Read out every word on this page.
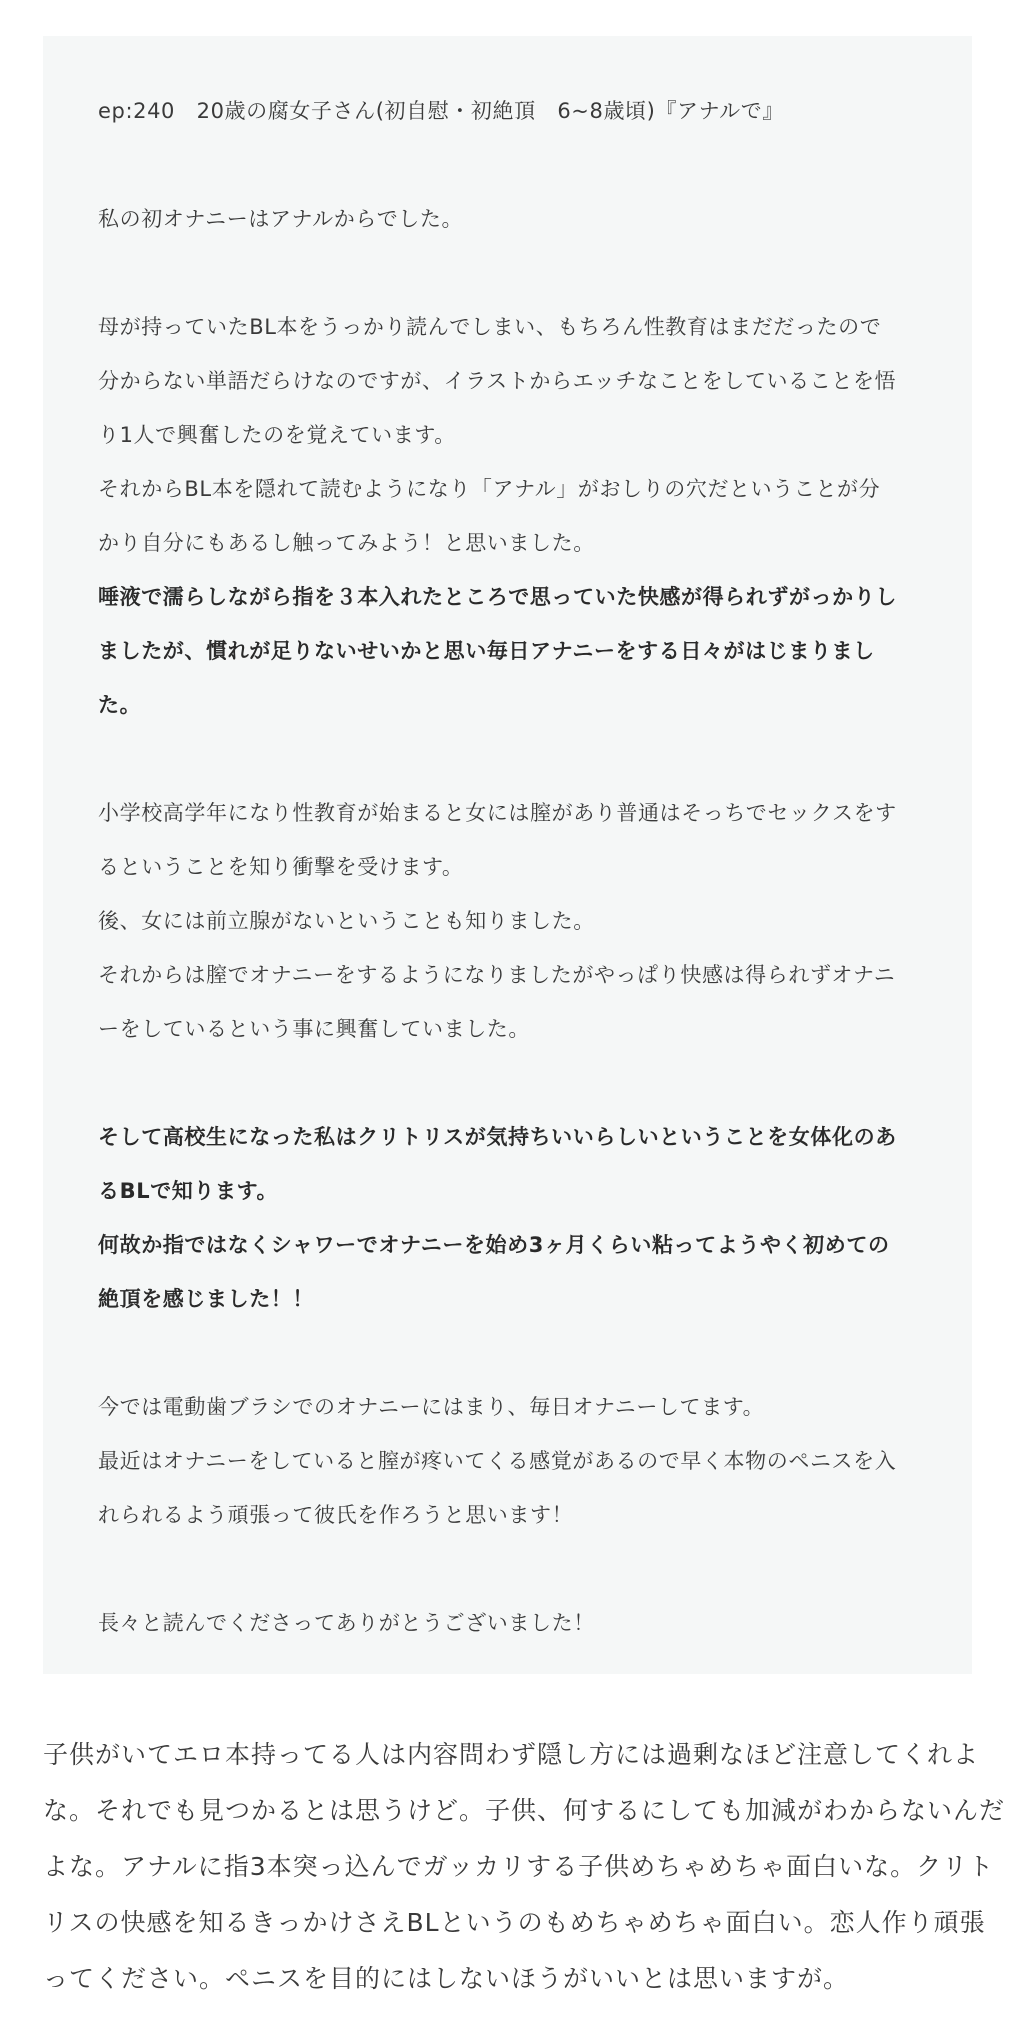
ep:240　20歳の腐女子さん(初自慰・初絶頂　6~8歳頃)『アナルで』
私の初オナニーはアナルからでした。
母が持っていたBL本をうっかり読んでしまい、もちろん性教育はまだだったので
分からない単語だらけなのですが、イラストからエッチなことをしていることを悟
り1人で興奮したのを覚えています。
それからBL本を隠れて読むようになり「アナル」がおしりの穴だということが分
かり自分にもあるし触ってみよう！と思いました。
唾液で濡らしながら指を３本入れたところで思っていた快感が得られずがっかりし
ましたが、慣れが足りないせいかと思い毎日アナニーをする日々がはじまりまし
た。
小学校高学年になり性教育が始まると女には膣があり普通はそっちでセックスをす
るということを知り衝撃を受けます。
後、女には前立腺がないということも知りました。
それからは膣でオナニーをするようになりましたがやっぱり快感は得られずオナニ
ーをしているという事に興奮していました。
そして高校生になった私はクリトリスが気持ちいいらしいということを女体化のあ
るBLで知ります。
何故か指ではなくシャワーでオナニーを始め3ヶ月くらい粘ってようやく初めての
絶頂を感じました！！
今では電動歯ブラシでのオナニーにはまり、毎日オナニーしてます。
最近はオナニーをしていると膣が疼いてくる感覚があるので早く本物のペニスを入
れられるよう頑張って彼氏を作ろうと思います！
長々と読んでくださってありがとうございました！
子供がいてエロ本持ってる人は内容問わず隠し方には過剰なほど注意してくれよ
な。それでも見つかるとは思うけど。子供、何するにしても加減がわからないんだ
よな。アナルに指3本突っ込んでガッカリする子供めちゃめちゃ面白いな。クリト
リスの快感を知るきっかけさえBLというのもめちゃめちゃ面白い。恋人作り頑張
ってください。ペニスを目的にはしないほうがいいとは思いますが。
